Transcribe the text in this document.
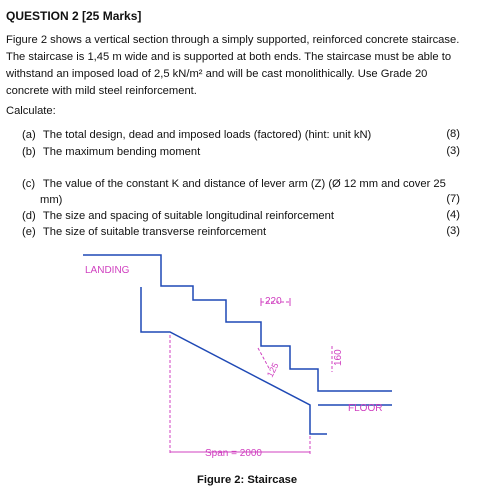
QUESTION 2 [25 Marks]
Figure 2 shows a vertical section through a simply supported, reinforced concrete staircase.
The staircase is 1,45 m wide and is supported at both ends. The staircase must be able to
withstand an imposed load of 2,5 kN/m² and will be cast monolithically. Use Grade 20
concrete with mild steel reinforcement.
Calculate:
(a) The total design, dead and imposed loads (factored) (hint: unit kN)	(8)
(b) The maximum bending moment	(3)
(c) The value of the constant K and distance of lever arm (Z) (Ø 12 mm and cover 25
mm)	(7)
(d) The size and spacing of suitable longitudinal reinforcement	(4)
(e) The size of suitable transverse reinforcement	(3)
220
160
125
Span = 2000
LANDING
FLOOR
Figure 2: Staircase
